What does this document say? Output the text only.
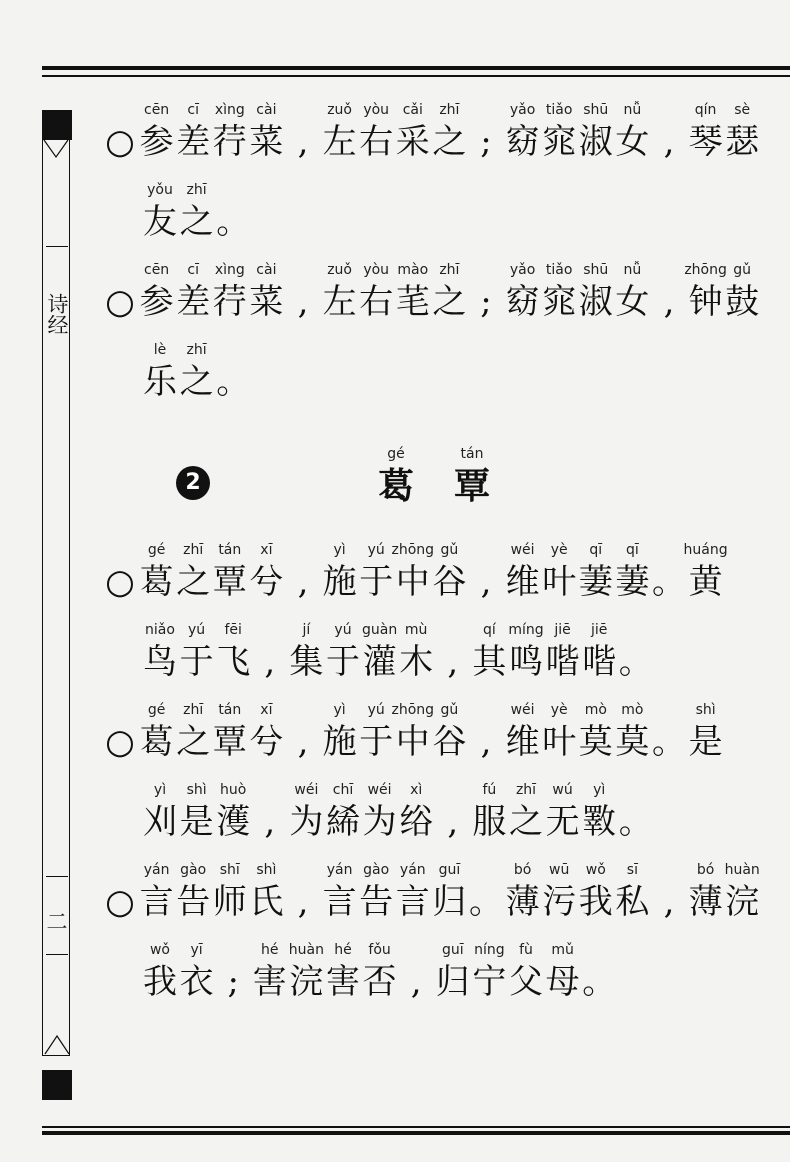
诗经
二
2
gé
葛
tán
覃
○
cēn
参
cī
差
xìng
荇
cài
菜 ,
zuǒ
左
yòu
右
cǎi
采
zhī
之 ;
yǎo
窈
tiǎo
窕
shū
淑
nǚ
女 ,
qín
琴
sè
瑟
yǒu
友
zhī
之 。
○
cēn
参
cī
差
xìng
荇
cài
菜 ,
zuǒ
左
yòu
右
mào
芼
zhī
之 ;
yǎo
窈
tiǎo
窕
shū
淑
nǚ
女 ,
zhōng
钟
gǔ
鼓
lè
乐
zhī
之 。
○
gé
葛
zhī
之
tán
覃
xī
兮 ,
yì
施
yú
于
zhōng
中
gǔ
谷 ,
wéi
维
yè
叶
qī
萋
qī
萋 。
huáng
黄
niǎo
鸟
yú
于
fēi
飞 ,
jí
集
yú
于
guàn
灌
mù
木 ,
qí
其
míng
鸣
jiē
喈
jiē
喈 。
○
gé
葛
zhī
之
tán
覃
xī
兮 ,
yì
施
yú
于
zhōng
中
gǔ
谷 ,
wéi
维
yè
叶
mò
莫
mò
莫 。
shì
是
yì
刈
shì
是
huò
濩 ,
wéi
为
chī
絺
wéi
为
xì
绤 ,
fú
服
zhī
之
wú
无
yì
斁 。
○
yán
言
gào
告
shī
师
shì
氏 ,
yán
言
gào
告
yán
言
guī
归 。
bó
薄
wū
污
wǒ
我
sī
私 ,
bó
薄
huàn
浣
wǒ
我
yī
衣 ;
hé
害
huàn
浣
hé
害
fǒu
否 ,
guī
归
níng
宁
fù
父
mǔ
母 。
